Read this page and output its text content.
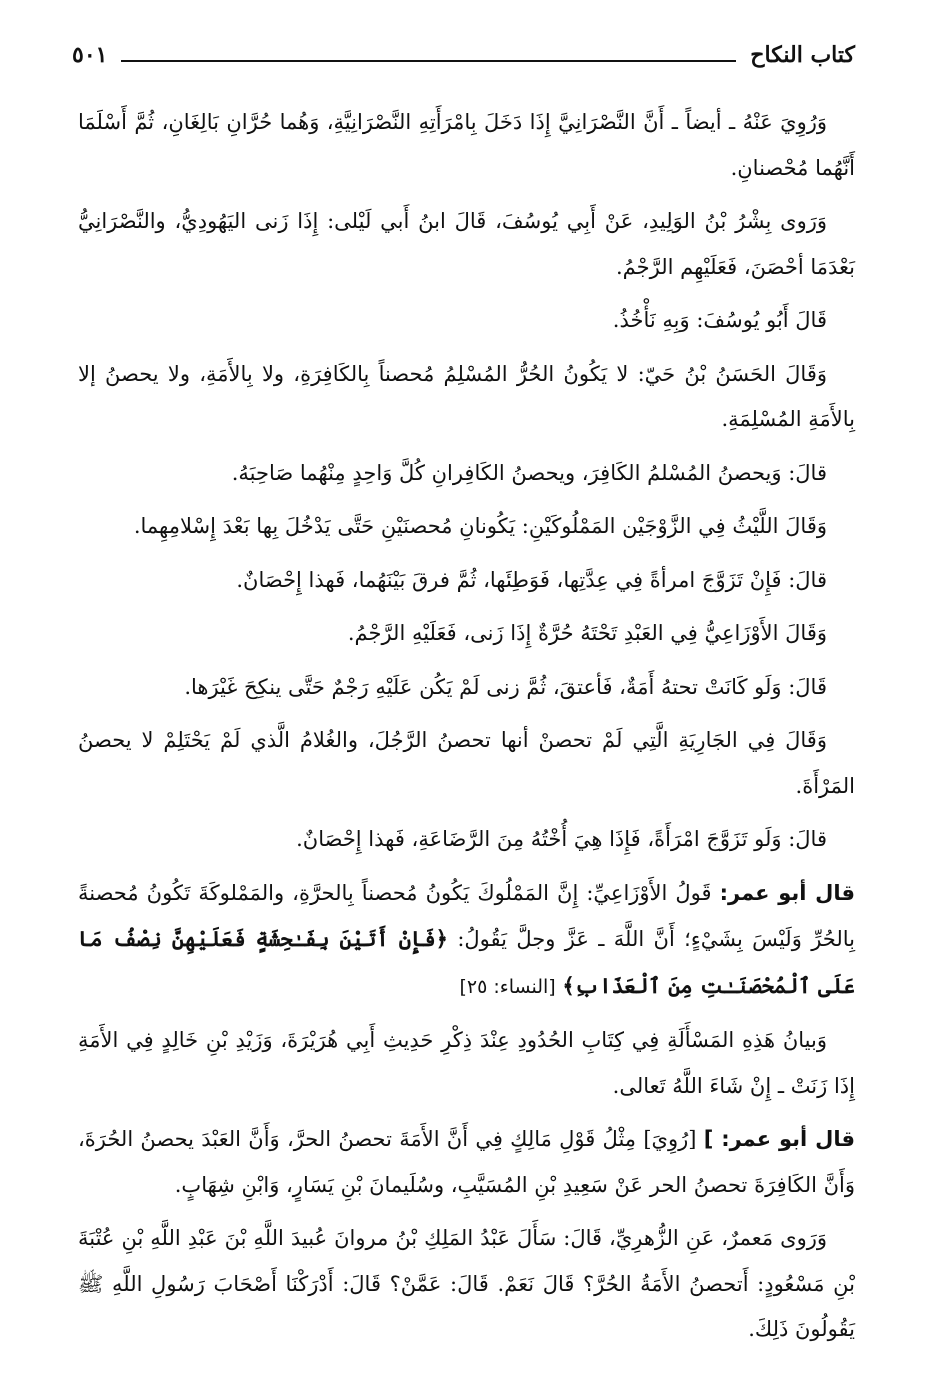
كتاب النكاح
٥٠١

وَرُوِيَ عَنْهُ ـ أيضاً ـ أَنَّ النَّصْرَانِيَّ إِذَا دَخَلَ بِامْرَأَتِهِ النَّصْرَانِيَّةِ، وَهُما حُرَّانِ بَالِغَانِ، ثُمَّ أَسْلَمَا أَنَّهُما مُحْصنانِ.

وَرَوى بِشْرُ بْنُ الوَلِيدِ، عَنْ أَبِي يُوسُفَ، قَالَ ابنُ أَبي لَيْلى: إِذَا زَنى اليَهُودِيُّ، والنَّصْرَانِيُّ بَعْدَمَا أحْصَنَ، فَعَلَيْهِم الرَّجْمُ.

قَالَ أَبُو يُوسُفَ: وَبِهِ نَأْخُذُ.

وَقَالَ الحَسَنُ بْنُ حَيّ: لا يَكُونُ الحُرُّ المُسْلِمُ مُحصناً بِالكَافِرَةِ، ولا بِالأَمَةِ، ولا يحصنُ إلا بِالأَمَةِ المُسْلِمَةِ.

قالَ: وَيحصنُ المُسْلمُ الكَافِرَ، ويحصنُ الكَافِرانِ كُلَّ وَاحِدٍ مِنْهُما صَاحِبَهُ.

وَقَالَ اللَّيْثُ فِي الزَّوْجَيْن المَمْلُوكَيْنِ: يَكُونانِ مُحصنَيْنِ حَتَّى يَدْخُلَ بِها بَعْدَ إِسْلامِهِما.

قالَ: فَإِنْ تَزَوَّجَ امرأةً فِي عِدَّتِها، فَوَطِئَها، ثُمَّ فرقَ بَيْنَهُما، فَهذا إِحْصَانٌ.

وَقَالَ الأَوْزَاعِيُّ فِي العَبْدِ تَحْتَهُ حُرَّةٌ إِذَا زَنى، فَعَلَيْهِ الرَّجْمُ.

قَالَ: وَلَو كَانَتْ تحتهُ أَمَةٌ، فَأعتقَ، ثُمَّ زنى لَمْ يَكُن عَلَيْهِ رَجْمٌ حَتَّى ينكِحَ غَيْرَها.

وَقَالَ فِي الجَارِيَةِ الَّتِي لَمْ تحصنْ أنها تحصنُ الرَّجُلَ، والغُلامُ الَّذي لَمْ يَحْتَلِمْ لا يحصنُ المَرْأَةَ.

قالَ: وَلَو تَزَوَّجَ امْرَأَةً، فَإِذَا هِيَ أُخْتُهُ مِنَ الرَّضَاعَةِ، فَهذا إِحْصَانٌ.

قال أبو عمر: قَولُ الأَوْزَاعِيِّ: إِنَّ المَمْلُوكَ يَكُونُ مُحصناً بِالحرَّةِ، والمَمْلوكَةَ تَكُونُ مُحصنةً بِالحُرِّ وَلَيْسَ بِشَيْءٍ؛ أَنَّ اللَّهَ ـ عَزَّ وجلَّ يَقُولُ: ﴿فَإِنْ أَتَيْنَ بِفَـٰحِشَةٍ فَعَلَيْهِنَّ نِصْفُ مَا عَلَى ٱلْمُحْصَنَـٰتِ مِنَ ٱلْعَذَابِ﴾ [النساء: ٢٥]

وَبيانُ هَذِهِ المَسْأَلَةِ فِي كِتَابِ الحُدُودِ عِنْدَ ذِكْرِ حَدِيثِ أَبِي هُرَيْرَةَ، وَزَيْدِ بْنِ خَالِدٍ فِي الأَمَةِ إِذَا زَنَتْ ـ إِنْ شَاءَ اللَّهُ تَعالى.

قال أبو عمر: ] [رُوِيَ] مِثْلُ قَوْلِ مَالِكٍ فِي أَنَّ الأَمَةَ تحصنُ الحرَّ، وَأَنَّ العَبْدَ يحصنُ الحُرَةَ، وَأَنَّ الكَافِرَةَ تحصنُ الحر عَنْ سَعِيدِ بْنِ المُسَيَّبِ، وسُلَيمانَ بْنِ يَسَارٍ، وَابْنِ شِهَابٍ.

وَرَوى مَعمرٌ، عَنِ الزُّهرِيِّ، قَالَ: سَأَلَ عَبْدُ المَلِكِ بْنُ مروانَ عُبيدَ اللَّهِ بْنَ عَبْدِ اللَّهِ بْنِ عُتْبَةَ بْنِ مَسْعُودٍ: أَتحصنُ الأَمَةُ الحُرَّ؟ قَالَ نَعَمْ. قَالَ: عَمَّنْ؟ قَالَ: أَدْرَكْنَا أَصْحَابَ رَسُولِ اللَّهِ ﷺ يَقُولُونَ ذَلِكَ.
